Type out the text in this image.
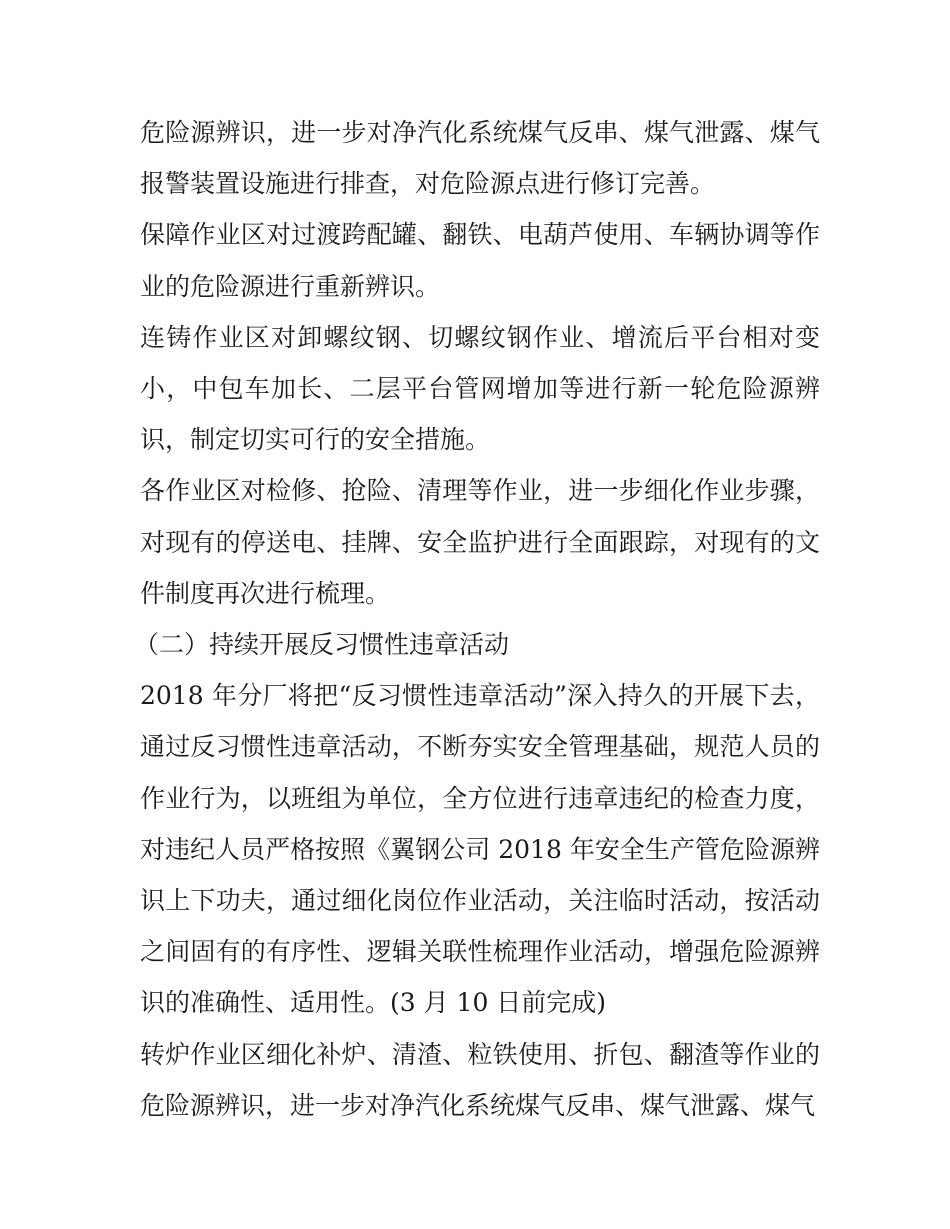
危险源辨识，进一步对净汽化系统煤气反串、煤气泄露、煤气报警装置设施进行排查，对危险源点进行修订完善。

保障作业区对过渡跨配罐、翻铁、电葫芦使用、车辆协调等作业的危险源进行重新辨识。

连铸作业区对卸螺纹钢、切螺纹钢作业、增流后平台相对变小，中包车加长、二层平台管网增加等进行新一轮危险源辨识，制定切实可行的安全措施。

各作业区对检修、抢险、清理等作业，进一步细化作业步骤，对现有的停送电、挂牌、安全监护进行全面跟踪，对现有的文件制度再次进行梳理。

（二）持续开展反习惯性违章活动

2018 年分厂将把“反习惯性违章活动”深入持久的开展下去，通过反习惯性违章活动，不断夯实安全管理基础，规范人员的作业行为，以班组为单位，全方位进行违章违纪的检查力度，对违纪人员严格按照《翼钢公司 2018 年安全生产管危险源辨识上下功夫，通过细化岗位作业活动，关注临时活动，按活动之间固有的有序性、逻辑关联性梳理作业活动，增强危险源辨识的准确性、适用性。(3 月 10 日前完成)

转炉作业区细化补炉、清渣、粒铁使用、折包、翻渣等作业的危险源辨识，进一步对净汽化系统煤气反串、煤气泄露、煤气
